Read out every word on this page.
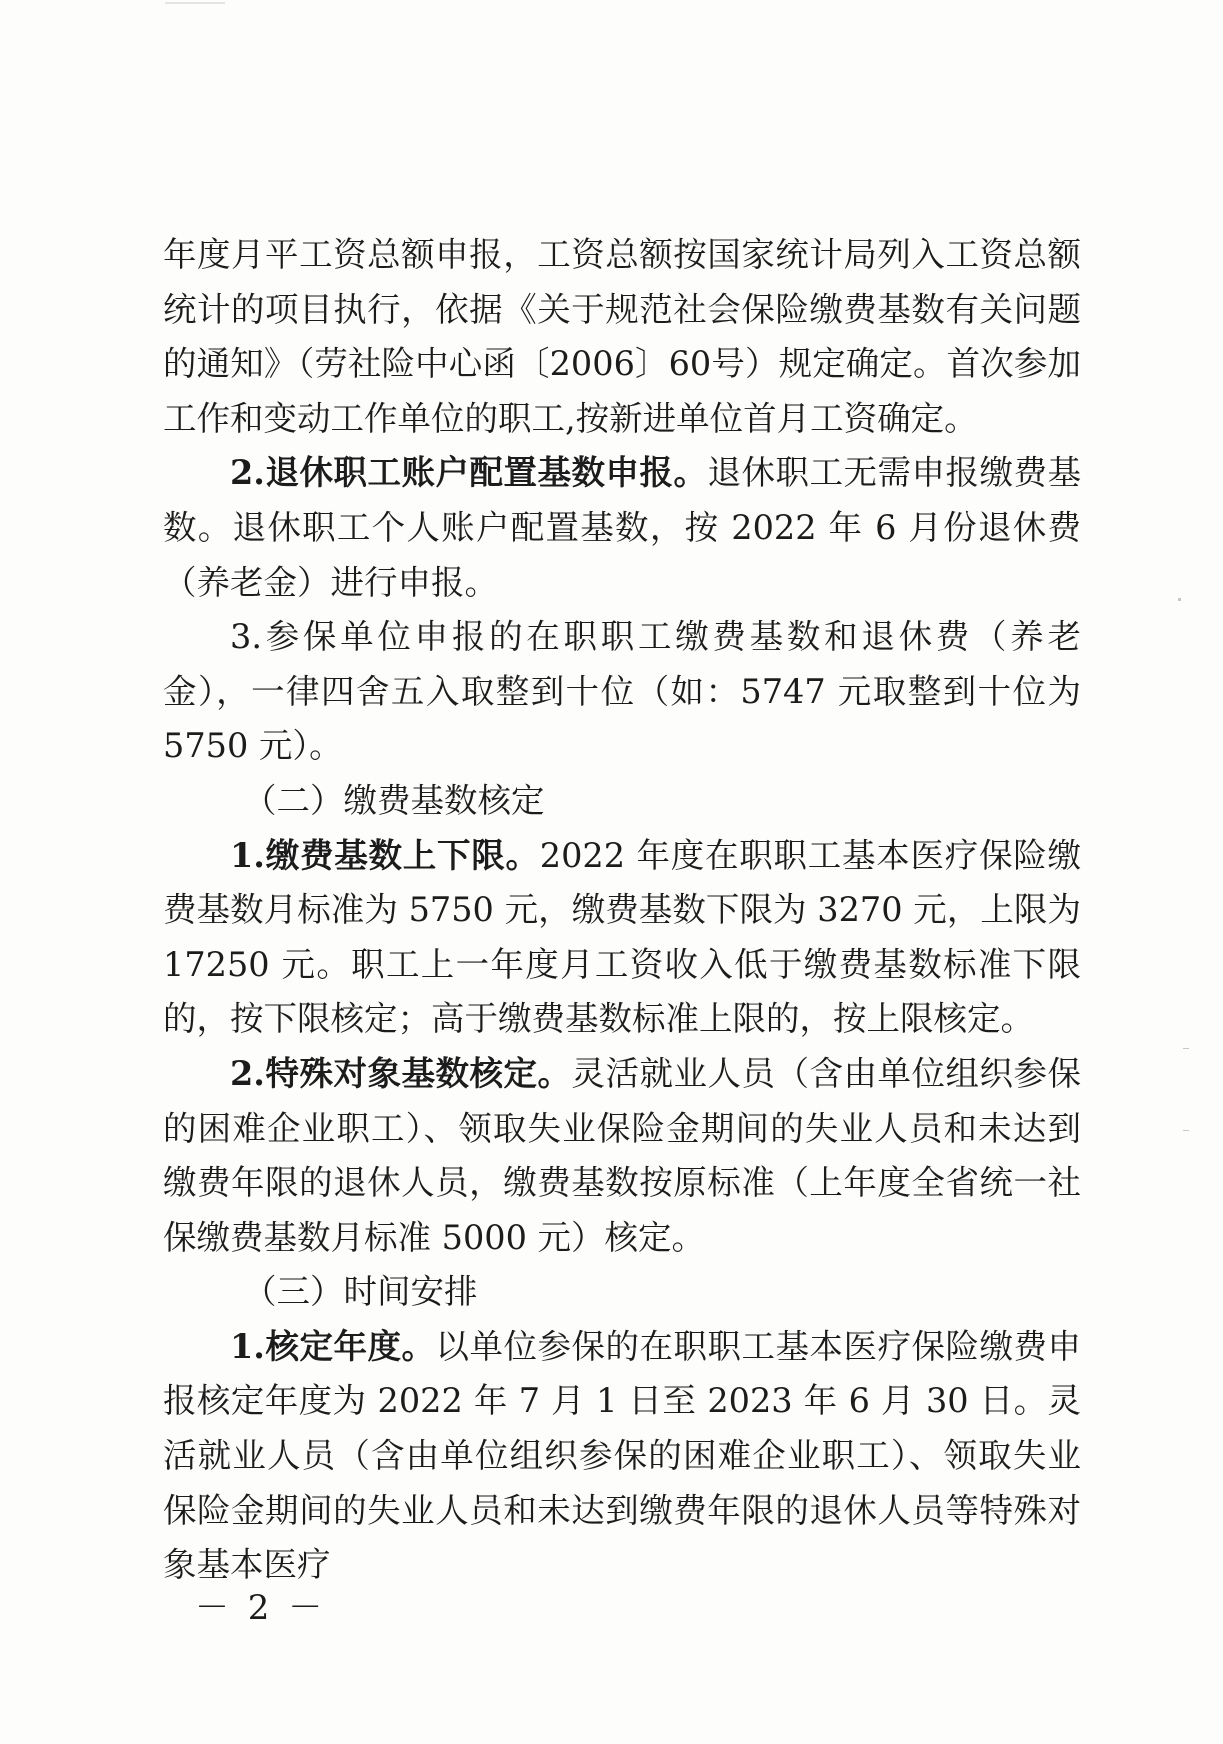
年度月平工资总额申报，工资总额按国家统计局列入工资总额统计的项目执行，依据《关于规范社会保险缴费基数有关问题的通知》（劳社险中心函〔2006〕60号）规定确定。首次参加工作和变动工作单位的职工,按新进单位首月工资确定。

2.退休职工账户配置基数申报。退休职工无需申报缴费基数。退休职工个人账户配置基数，按 2022 年 6 月份退休费（养老金）进行申报。

3.参保单位申报的在职职工缴费基数和退休费（养老金），一律四舍五入取整到十位（如：5747 元取整到十位为 5750 元）。

（二）缴费基数核定

1.缴费基数上下限。2022 年度在职职工基本医疗保险缴费基数月标准为 5750 元，缴费基数下限为 3270 元，上限为 17250 元。职工上一年度月工资收入低于缴费基数标准下限的，按下限核定；高于缴费基数标准上限的，按上限核定。

2.特殊对象基数核定。灵活就业人员（含由单位组织参保的困难企业职工）、领取失业保险金期间的失业人员和未达到缴费年限的退休人员，缴费基数按原标准（上年度全省统一社保缴费基数月标准 5000 元）核定。

（三）时间安排

1.核定年度。以单位参保的在职职工基本医疗保险缴费申报核定年度为 2022 年 7 月 1 日至 2023 年 6 月 30 日。灵活就业人员（含由单位组织参保的困难企业职工）、领取失业保险金期间的失业人员和未达到缴费年限的退休人员等特殊对象基本医疗

－ 2 －
